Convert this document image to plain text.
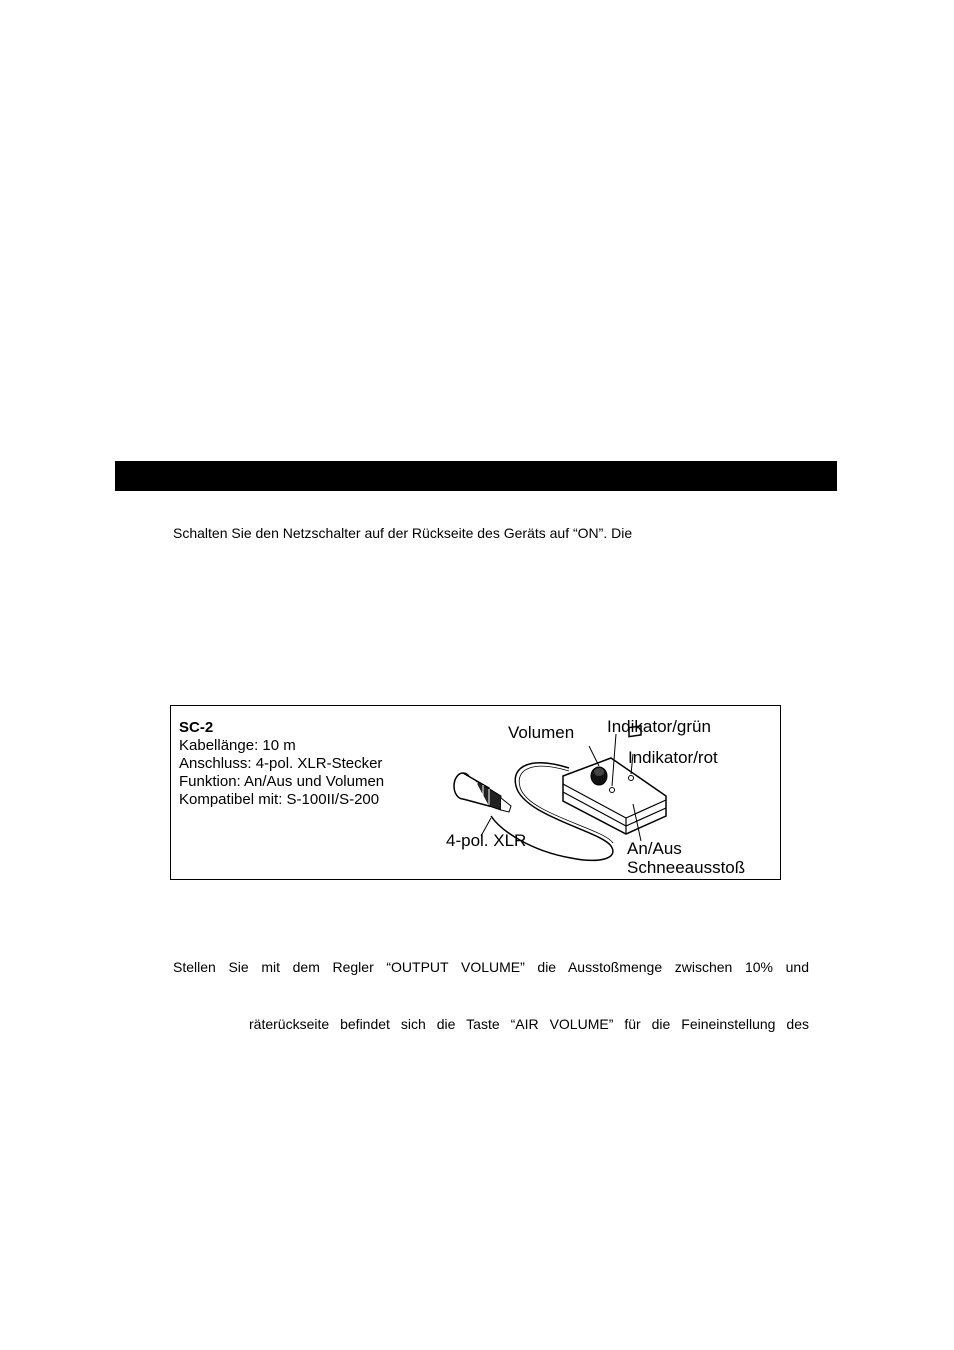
Schalten Sie den Netzschalter auf der Rückseite des Geräts auf “ON”. Die
SC-2
Kabellänge: 10 m
Anschluss: 4-pol. XLR-Stecker
Funktion: An/Aus und Volumen
Kompatibel mit: S-100II/S-200
Volumen Indikator/grün
Indikator/rot
4-pol. XLR	An/Aus
Schneeausstoß
Stellen Sie mit dem Regler “OUTPUT VOLUME” die Ausstoßmenge zwischen 10% und
räterückseite befindet sich die Taste “AIR VOLUME” für die Feineinstellung des
